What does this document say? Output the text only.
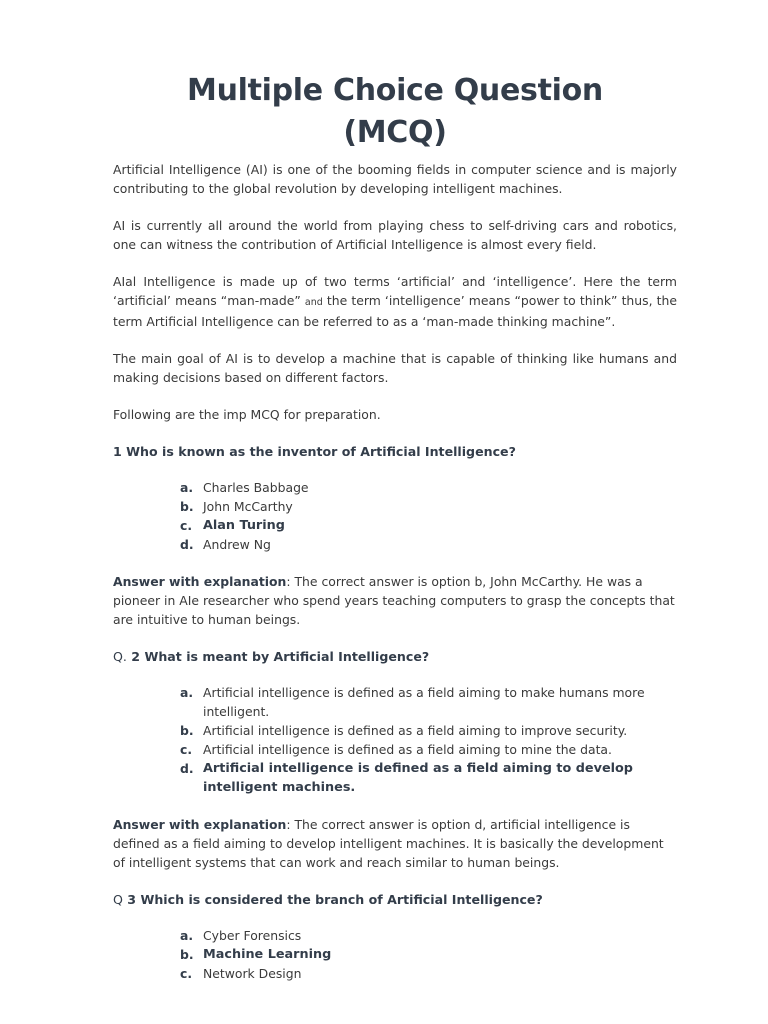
Multiple Choice Question
(MCQ)

Artificial Intelligence (AI) is one of the booming fields in computer science and is majorly contributing to the global revolution by developing intelligent machines.

AI is currently all around the world from playing chess to self-driving cars and robotics, one can witness the contribution of Artificial Intelligence is almost every field.

AIal Intelligence is made up of two terms ‘artificial’ and ‘intelligence’. Here the term ‘artificial’ means “man-made” and the term ‘intelligence’ means “power to think” thus, the term Artificial Intelligence can be referred to as a ‘man-made thinking machine”.

The main goal of AI is to develop a machine that is capable of thinking like humans and making decisions based on different factors.

Following are the imp MCQ for preparation.

1 Who is known as the inventor of Artificial Intelligence?
a. Charles Babbage
b. John McCarthy
c. Alan Turing
d. Andrew Ng

Answer with explanation: The correct answer is option b, John McCarthy. He was a pioneer in AIe researcher who spend years teaching computers to grasp the concepts that are intuitive to human beings.

Q. 2 What is meant by Artificial Intelligence?
a. Artificial intelligence is defined as a field aiming to make humans more intelligent.
b. Artificial intelligence is defined as a field aiming to improve security.
c. Artificial intelligence is defined as a field aiming to mine the data.
d. Artificial intelligence is defined as a field aiming to develop intelligent machines.

Answer with explanation: The correct answer is option d, artificial intelligence is defined as a field aiming to develop intelligent machines. It is basically the development of intelligent systems that can work and reach similar to human beings.

Q 3 Which is considered the branch of Artificial Intelligence?
a. Cyber Forensics
b. Machine Learning
c. Network Design
